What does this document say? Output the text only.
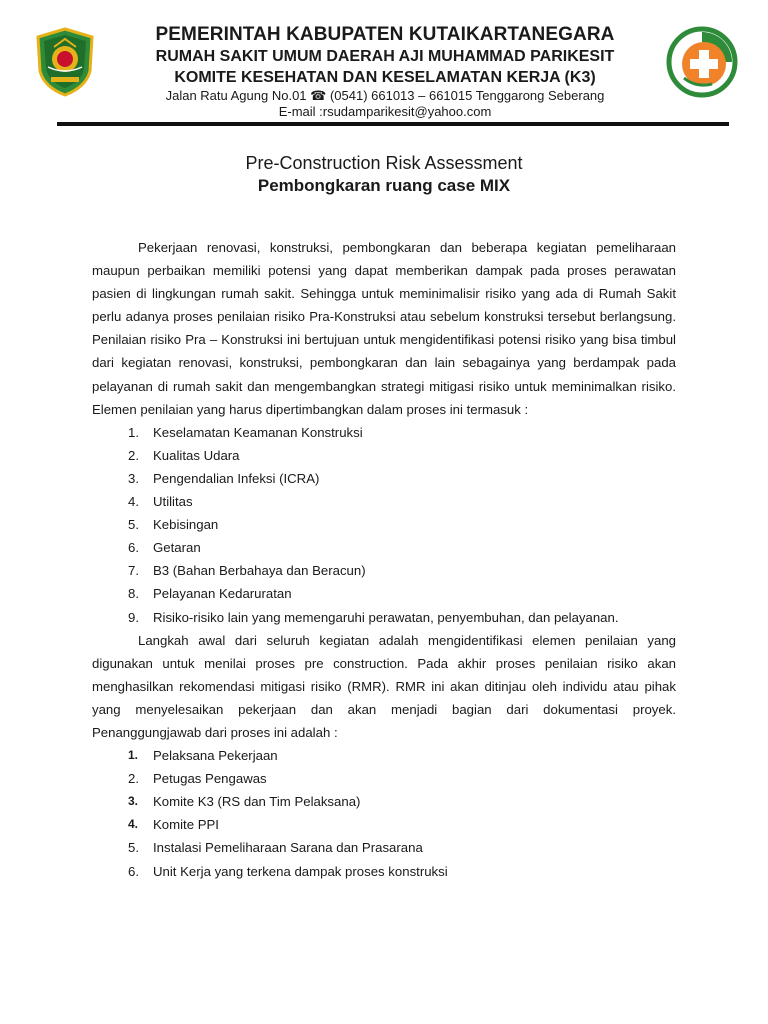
PEMERINTAH KABUPATEN KUTAIKARTANEGARA
RUMAH SAKIT UMUM DAERAH AJI MUHAMMAD PARIKESIT
KOMITE KESEHATAN DAN KESELAMATAN KERJA (K3)
Jalan Ratu Agung No.01 ☎ (0541) 661013 – 661015 Tenggarong Seberang
E-mail :rsudamparikesit@yahoo.com
Pre-Construction Risk Assessment
Pembongkaran ruang case MIX

Pekerjaan renovasi, konstruksi, pembongkaran dan beberapa kegiatan pemeliharaan maupun perbaikan memiliki potensi yang dapat memberikan dampak pada proses perawatan pasien di lingkungan rumah sakit. Sehingga untuk meminimalisir risiko yang ada di Rumah Sakit perlu adanya proses penilaian risiko Pra-Konstruksi atau sebelum konstruksi tersebut berlangsung. Penilaian risiko Pra – Konstruksi ini bertujuan untuk mengidentifikasi potensi risiko yang bisa timbul dari kegiatan renovasi, konstruksi, pembongkaran dan lain sebagainya yang berdampak pada pelayanan di rumah sakit dan mengembangkan strategi mitigasi risiko untuk meminimalkan risiko. Elemen penilaian yang harus dipertimbangkan dalam proses ini termasuk :

1. Keselamatan Keamanan Konstruksi
2. Kualitas Udara
3. Pengendalian Infeksi (ICRA)
4. Utilitas
5. Kebisingan
6. Getaran
7. B3 (Bahan Berbahaya dan Beracun)
8. Pelayanan Kedaruratan
9. Risiko-risiko lain yang memengaruhi perawatan, penyembuhan, dan pelayanan.

Langkah awal dari seluruh kegiatan adalah mengidentifikasi elemen penilaian yang digunakan untuk menilai proses pre construction. Pada akhir proses penilaian risiko akan menghasilkan rekomendasi mitigasi risiko (RMR). RMR ini akan ditinjau oleh individu atau pihak yang menyelesaikan pekerjaan dan akan menjadi bagian dari dokumentasi proyek. Penanggungjawab dari proses ini adalah :

1. Pelaksana Pekerjaan
2. Petugas Pengawas
3. Komite K3 (RS dan Tim Pelaksana)
4. Komite PPI
5. Instalasi Pemeliharaan Sarana dan Prasarana
6. Unit Kerja yang terkena dampak proses konstruksi
